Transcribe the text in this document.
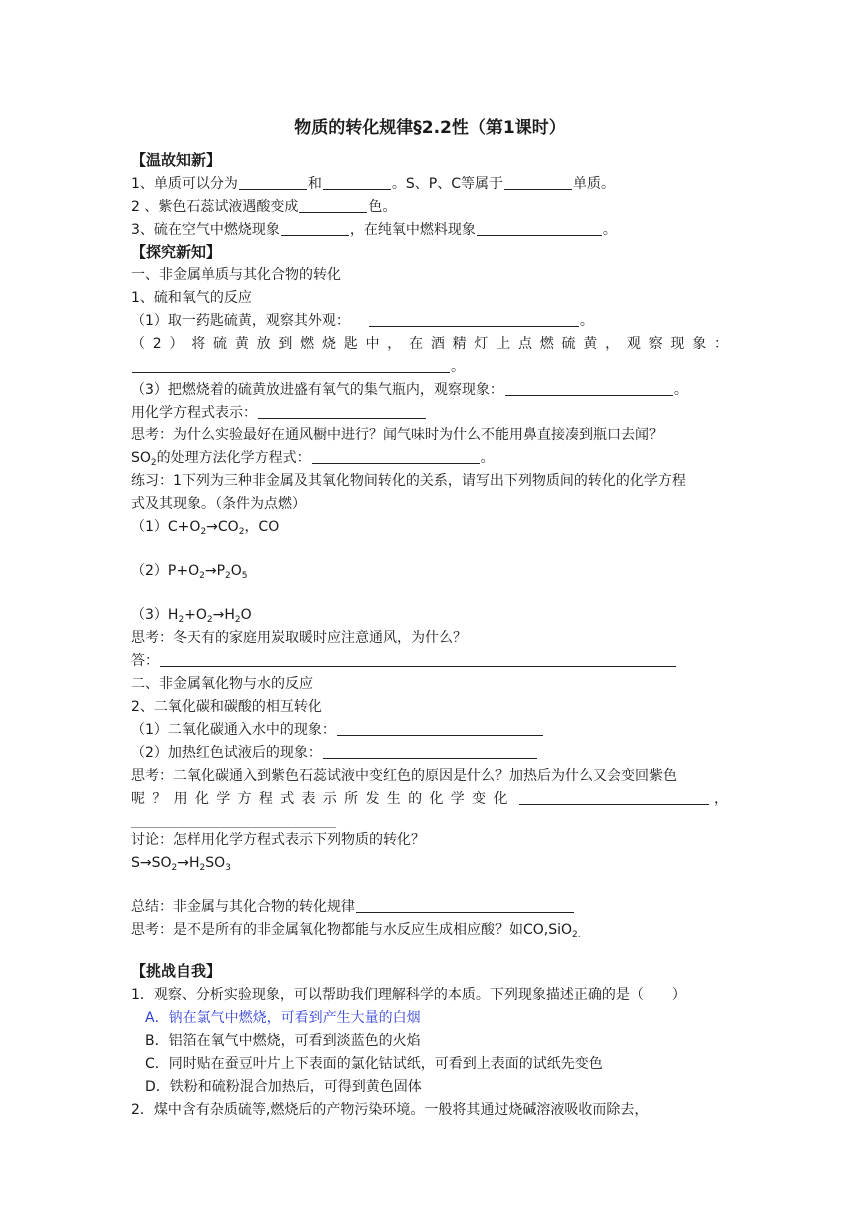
物质的转化规律§2.2性（第1课时）
【温故知新】
1、单质可以分为	和	。S、P、C等属于	单质。
2 、紫色石蕊试液遇酸变成	色。
3、硫在空气中燃烧现象	，在纯氧中燃料现象	。
【探究新知】
一、非金属单质与其化合物的转化
1、硫和氧气的反应
（1）取一药匙硫黄，观察其外观：	。
（2）将硫黄放到燃烧匙中，在酒精灯上点燃硫黄，观察现象：
。
（3）把燃烧着的硫黄放进盛有氧气的集气瓶内，观察现象：	。
用化学方程式表示：
思考：为什么实验最好在通风橱中进行？闻气味时为什么不能用鼻直接凑到瓶口去闻？
$SO_2$的处理方法化学方程式：	。
练习：1下列为三种非金属及其氧化物间转化的关系，请写出下列物质间的转化的化学方程
式及其现象。（条件为点燃）
$(1)C+O_2\to CO_2$，CO
$(2)P+O_2\to P_2O_5$
$(3)H_2+O_2\to H_2O$
思考：冬天有的家庭用炭取暖时应注意通风，为什么？
答：
二、非金属氧化物与水的反应
2、二氧化碳和碳酸的相互转化
（1）二氧化碳通入水中的现象：
（2）加热红色试液后的现象：
思考：二氧化碳通入到紫色石蕊试液中变红色的原因是什么？加热后为什么又会变回紫色
呢？用化学方程式表示所发生的化学变化	，
讨论：怎样用化学方程式表示下列物质的转化？
$S\to SO_2\to H_2SO_3$
总结：非金属与其化合物的转化规律
思考：是不是所有的非金属氧化物都能与水反应生成相应酸？如CO,SiO$_{2.}$
【挑战自我】
1．观察、分析实验现象，可以帮助我们理解科学的本质。下列现象描述正确的是（　　）
A．钠在氯气中燃烧，可看到产生大量的白烟
B．铝箔在氧气中燃烧，可看到淡蓝色的火焰
C．同时贴在蚕豆叶片上下表面的氯化钴试纸，可看到上表面的试纸先变色
D．铁粉和硫粉混合加热后，可得到黄色固体
2．煤中含有杂质硫等,燃烧后的产物污染环境。一般将其通过烧碱溶液吸收而除去，
